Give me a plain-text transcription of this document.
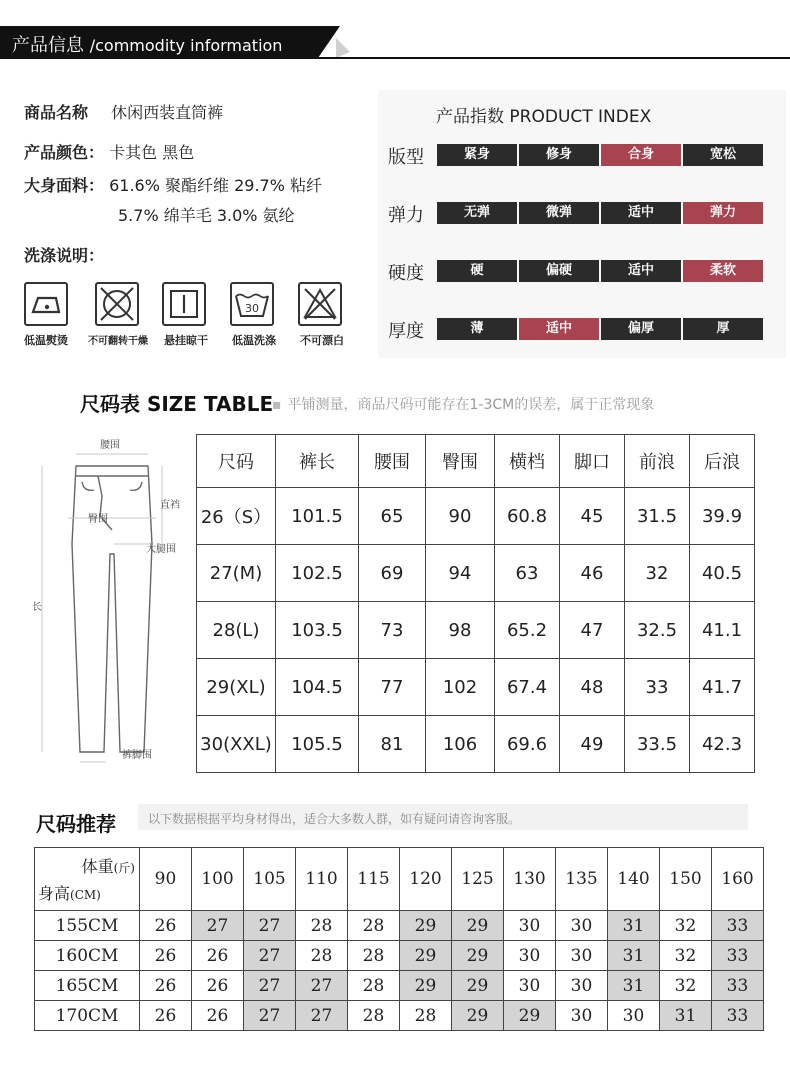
产品信息 /commodity information
商品名称 休闲西装直筒裤
产品颜色： 卡其色 黑色
大身面料： 61.6% 聚酯纤维 29.7% 粘纤
5.7% 绵羊毛 3.0% 氨纶
洗涤说明：
30
低温熨烫	不可翻转干燥	悬挂晾干	低温洗涤	不可漂白
产品指数 PRODUCT INDEX
版型	紧身	修身	合身	宽松
弹力	无弹	微弹	适中	弹力
硬度	硬	偏硬	适中	柔软
厚度	薄	适中	偏厚	厚
腰围
臀围
直裆
大腿围
长
裤脚围
尺码表 SIZE TABLE
▪ 平铺测量，商品尺码可能存在1-3CM的误差，属于正常现象
尺码	裤长	腰围	臀围	横档	脚口	前浪	后浪
26（S）	101.5	65	90	60.8	45	31.5	39.9
27(M)	102.5	69	94	63	46	32	40.5
28(L)	103.5	73	98	65.2	47	32.5	41.1
29(XL)	104.5	77	102	67.4	48	33	41.7
30(XXL)	105.5	81	106	69.6	49	33.5	42.3
尺码推荐	以下数据根据平均身材得出，适合大多数人群，如有疑问请咨询客服。
体重(斤)
身高(CM)	90	100	105	110	115	120	125	130	135	140	150	160
155CM	26	27	27	28	28	29	29	30	30	31	32	33
160CM	26	26	27	28	28	29	29	30	30	31	32	33
165CM	26	26	27	27	28	29	29	30	30	31	32	33
170CM	26	26	27	27	28	28	29	29	30	30	31	33
